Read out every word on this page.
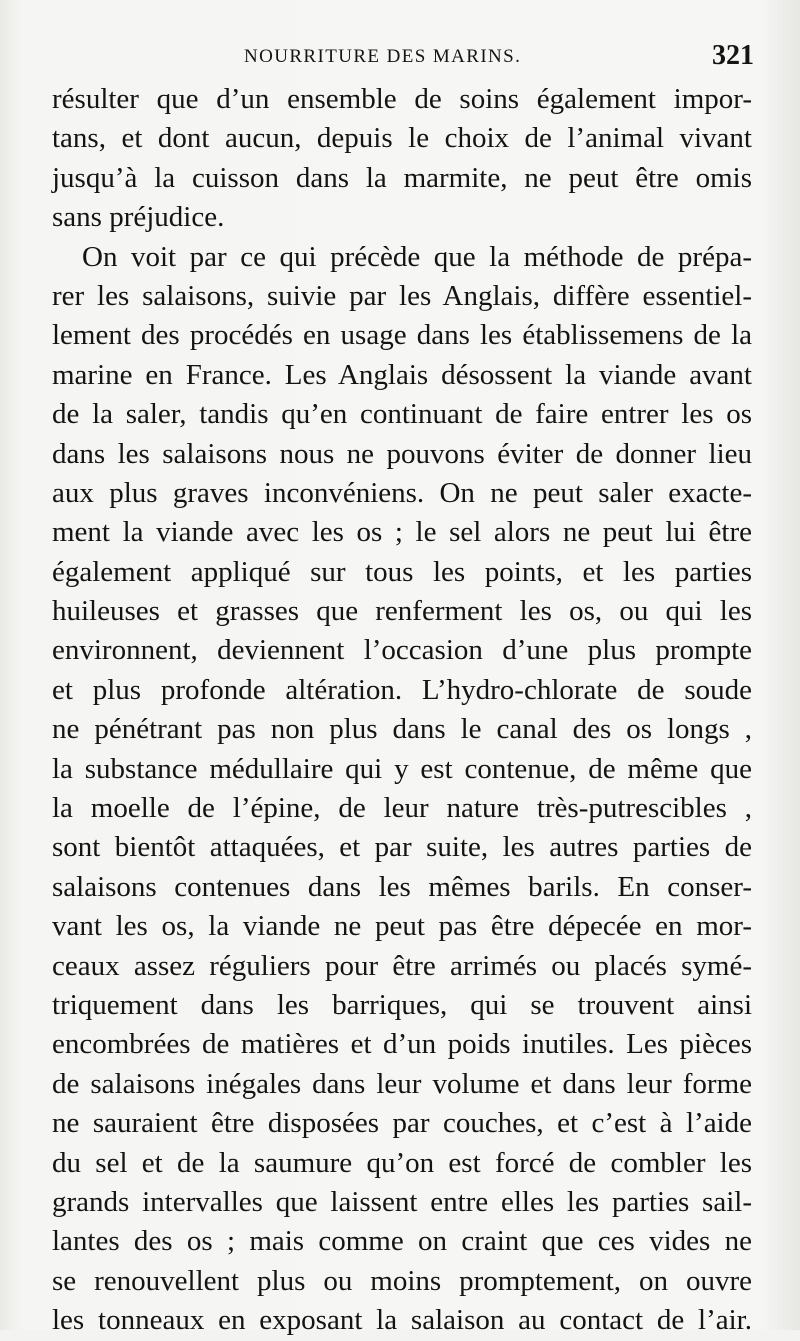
NOURRITURE DES MARINS.	321
résulter que d’un ensemble de soins également impor-
tans, et dont aucun, depuis le choix de l’animal vivant
jusqu’à la cuisson dans la marmite, ne peut être omis
sans préjudice.
On voit par ce qui précède que la méthode de prépa-
rer les salaisons, suivie par les Anglais, diffère essentiel-
lement des procédés en usage dans les établissemens de la
marine en France. Les Anglais désossent la viande avant
de la saler, tandis qu’en continuant de faire entrer les os
dans les salaisons nous ne pouvons éviter de donner lieu
aux plus graves inconvéniens. On ne peut saler exacte-
ment la viande avec les os ; le sel alors ne peut lui être
également appliqué sur tous les points, et les parties
huileuses et grasses que renferment les os, ou qui les
environnent, deviennent l’occasion d’une plus prompte
et plus profonde altération. L’hydro-chlorate de soude
ne pénétrant pas non plus dans le canal des os longs ,
la substance médullaire qui y est contenue, de même que
la moelle de l’épine, de leur nature très-putrescibles ,
sont bientôt attaquées, et par suite, les autres parties de
salaisons contenues dans les mêmes barils. En conser-
vant les os, la viande ne peut pas être dépecée en mor-
ceaux assez réguliers pour être arrimés ou placés symé-
triquement dans les barriques, qui se trouvent ainsi
encombrées de matières et d’un poids inutiles. Les pièces
de salaisons inégales dans leur volume et dans leur forme
ne sauraient être disposées par couches, et c’est à l’aide
du sel et de la saumure qu’on est forcé de combler les
grands intervalles que laissent entre elles les parties sail-
lantes des os ; mais comme on craint que ces vides ne
se renouvellent plus ou moins promptement, on ouvre
les tonneaux en exposant la salaison au contact de l’air.
